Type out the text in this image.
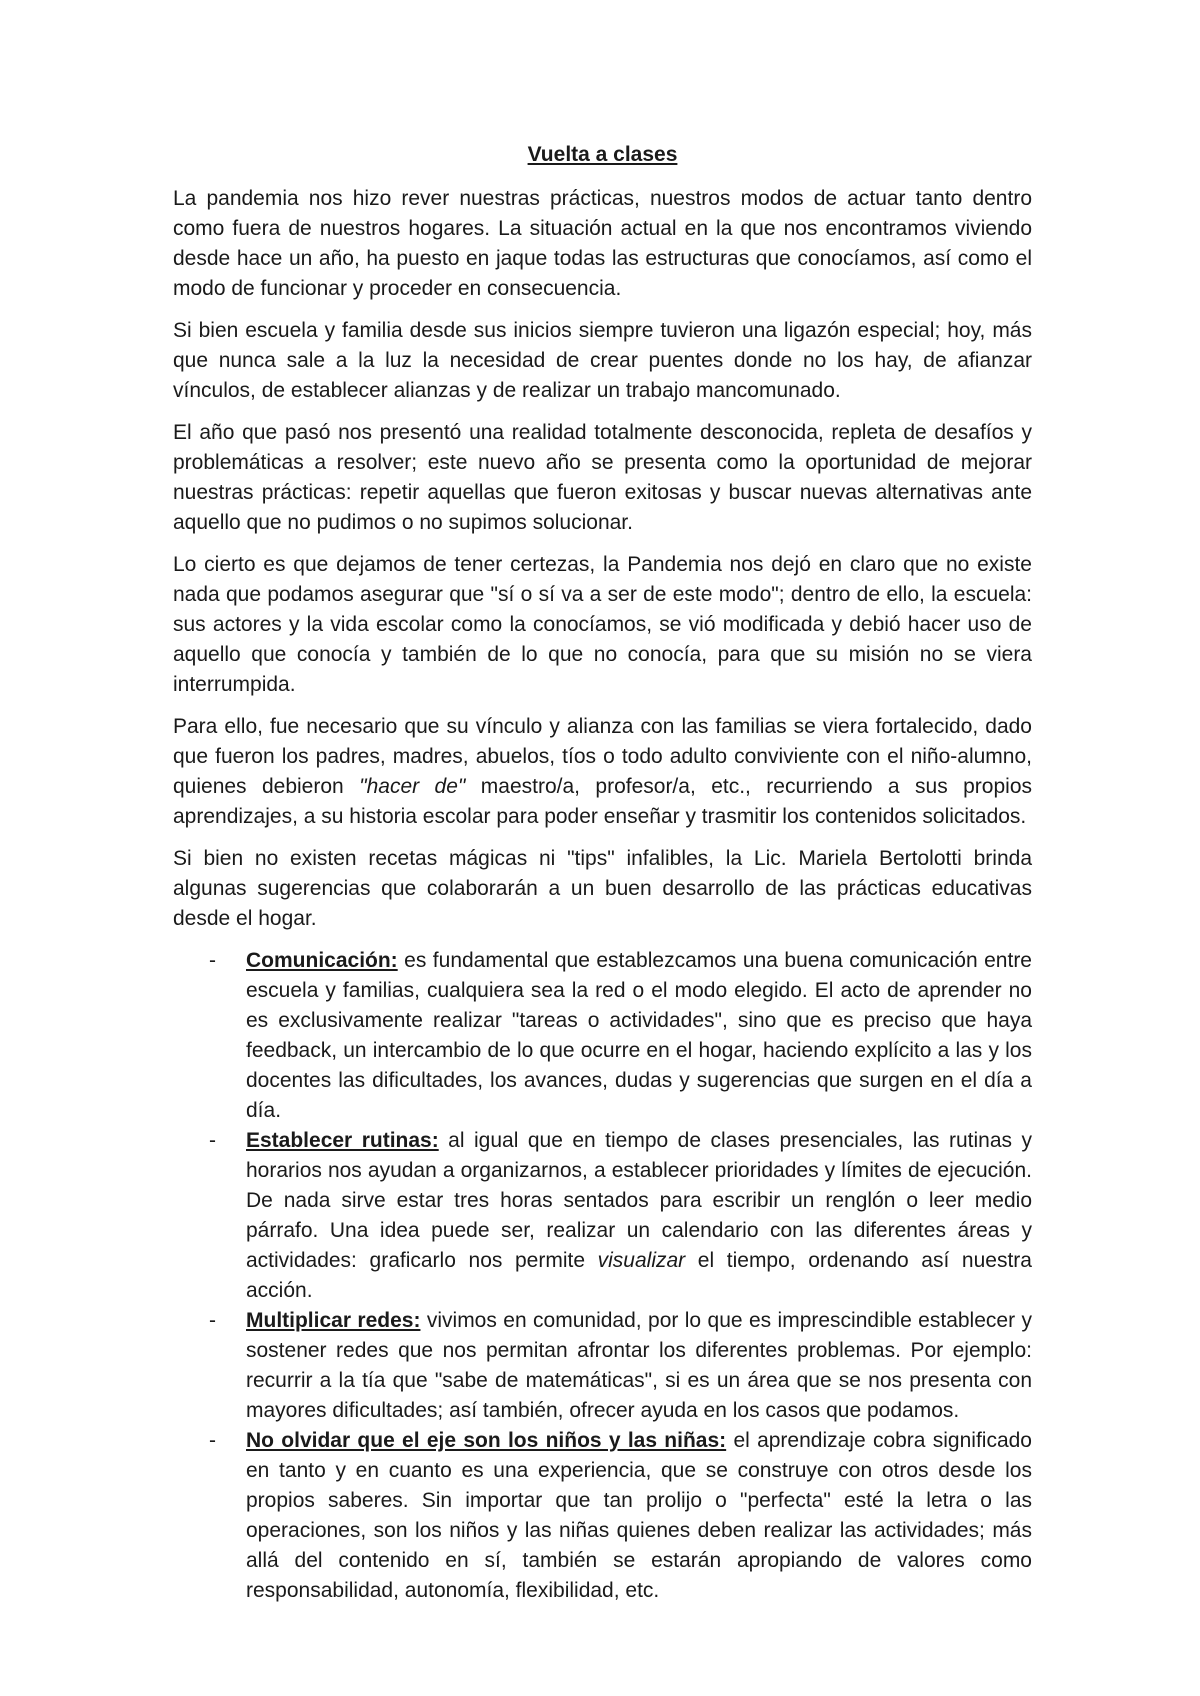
Vuelta a clases

La pandemia nos hizo rever nuestras prácticas, nuestros modos de actuar tanto dentro como fuera de nuestros hogares. La situación actual en la que nos encontramos viviendo desde hace un año, ha puesto en jaque todas las estructuras que conocíamos, así como el modo de funcionar y proceder en consecuencia.

Si bien escuela y familia desde sus inicios siempre tuvieron una ligazón especial; hoy, más que nunca sale a la luz la necesidad de crear puentes donde no los hay, de afianzar vínculos, de establecer alianzas y de realizar un trabajo mancomunado.

El año que pasó nos presentó una realidad totalmente desconocida, repleta de desafíos y problemáticas a resolver; este nuevo año se presenta como la oportunidad de mejorar nuestras prácticas: repetir aquellas que fueron exitosas y buscar nuevas alternativas ante aquello que no pudimos o no supimos solucionar.

Lo cierto es que dejamos de tener certezas, la Pandemia nos dejó en claro que no existe nada que podamos asegurar que "sí o sí va a ser de este modo"; dentro de ello, la escuela: sus actores y la vida escolar como la conocíamos, se vió modificada y debió hacer uso de aquello que conocía y también de lo que no conocía, para que su misión no se viera interrumpida.

Para ello, fue necesario que su vínculo y alianza con las familias se viera fortalecido, dado que fueron los padres, madres, abuelos, tíos o todo adulto conviviente con el niño-alumno, quienes debieron "hacer de" maestro/a, profesor/a, etc., recurriendo a sus propios aprendizajes, a su historia escolar para poder enseñar y trasmitir los contenidos solicitados.

Si bien no existen recetas mágicas ni "tips" infalibles, la Lic. Mariela Bertolotti brinda algunas sugerencias que colaborarán a un buen desarrollo de las prácticas educativas desde el hogar.

- Comunicación: es fundamental que establezcamos una buena comunicación entre escuela y familias, cualquiera sea la red o el modo elegido. El acto de aprender no es exclusivamente realizar "tareas o actividades", sino que es preciso que haya feedback, un intercambio de lo que ocurre en el hogar, haciendo explícito a las y los docentes las dificultades, los avances, dudas y sugerencias que surgen en el día a día.
- Establecer rutinas: al igual que en tiempo de clases presenciales, las rutinas y horarios nos ayudan a organizarnos, a establecer prioridades y límites de ejecución. De nada sirve estar tres horas sentados para escribir un renglón o leer medio párrafo. Una idea puede ser, realizar un calendario con las diferentes áreas y actividades: graficarlo nos permite visualizar el tiempo, ordenando así nuestra acción.
- Multiplicar redes: vivimos en comunidad, por lo que es imprescindible establecer y sostener redes que nos permitan afrontar los diferentes problemas. Por ejemplo: recurrir a la tía que "sabe de matemáticas", si es un área que se nos presenta con mayores dificultades; así también, ofrecer ayuda en los casos que podamos.
- No olvidar que el eje son los niños y las niñas: el aprendizaje cobra significado en tanto y en cuanto es una experiencia, que se construye con otros desde los propios saberes. Sin importar que tan prolijo o "perfecta" esté la letra o las operaciones, son los niños y las niñas quienes deben realizar las actividades; más allá del contenido en sí, también se estarán apropiando de valores como responsabilidad, autonomía, flexibilidad, etc.
